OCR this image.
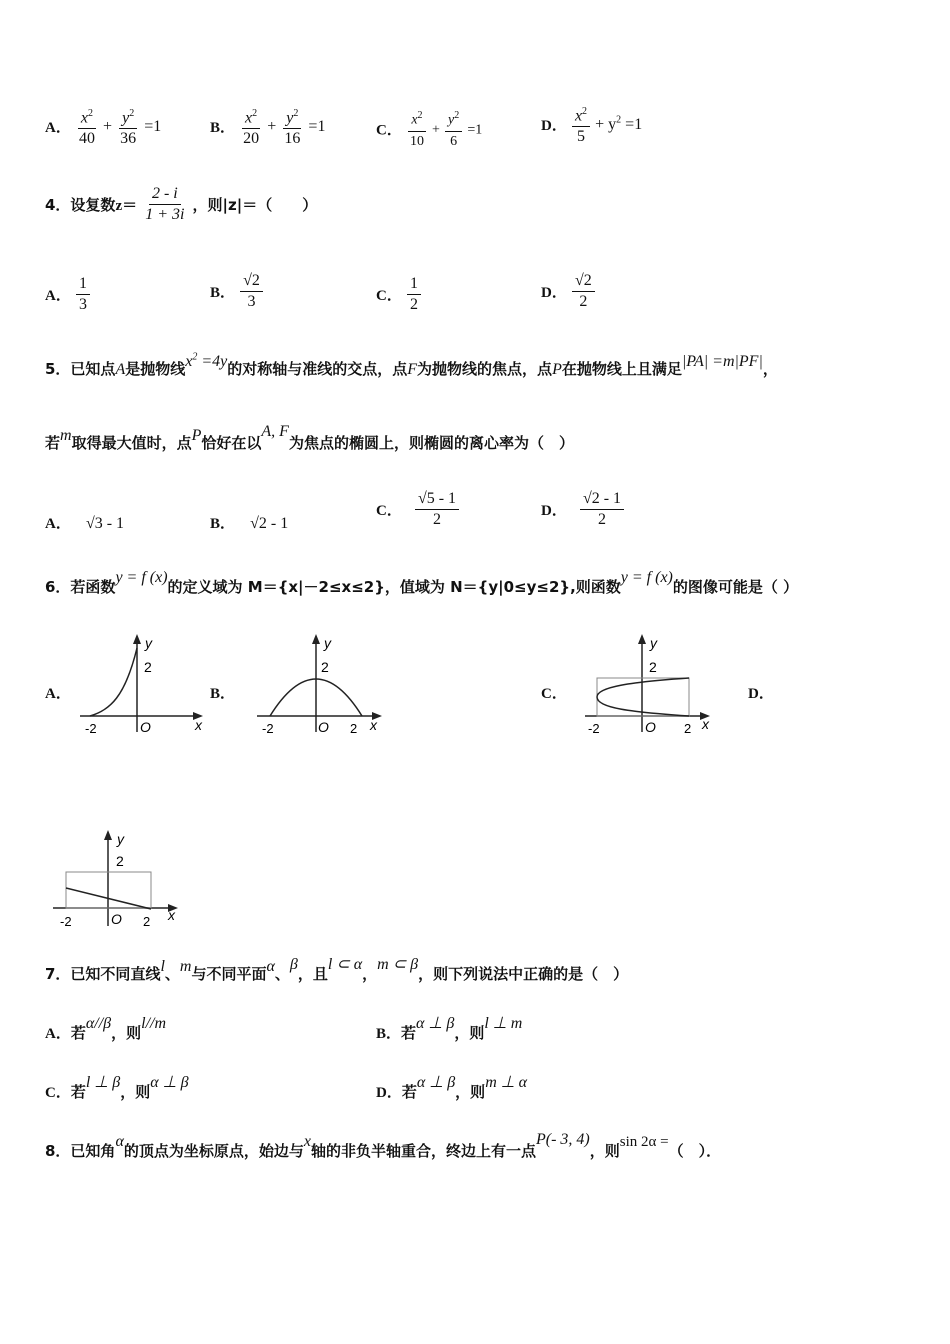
A． $\frac{x^2}{40} + \frac{y^2}{36} =1$	B． $\frac{x^2}{20} + \frac{y^2}{16} =1$	C． $\frac{x^2}{10} + \frac{y^2}{6} =1$	D． $\frac{x^2}{5} + y^2 =1$
4．设复数$z= \frac{2 - i}{1 + 3i}$ ，则|z|＝（　　）
A． $\frac{1}{3}$	B． $\frac{√2}{3}$	C． $\frac{1}{2}$	D． $\frac{√2}{2}$
5．已知点A是抛物线$x^2 =4y$的对称轴与准线的交点，点F为抛物线的焦点，点P在抛物线上且满足|PA| =m|PF|，
若m取得最大值时，点P恰好在以A, F为焦点的椭圆上，则椭圆的离心率为（　）
A． √3 - 1	B． √2 - 1
C． $\frac{√5 - 1}{2}$	D． $\frac{√2 - 1}{2}$
6．若函数y = f (x)的定义域为 M＝{x|－2≤x≤2}，值域为 N＝{y|0≤y≤2},则函数y = f (x)的图像可能是（ ）
A．	B．	C．	D．
y
2
-2	O	x
y
2
-2	O 2 x
y
2
-2	O 2 x
y
2
-2	O 2 x
7．已知不同直线l、m与不同平面α、β，且l ⊂ α，m ⊂ β，则下列说法中正确的是（　）
A．若α//β，则l//m
B．若α ⊥ β，则l ⊥ m
C．若l ⊥ β，则α ⊥ β
D．若α ⊥ β，则m ⊥ α
8．已知角α的顶点为坐标原点，始边与x轴的非负半轴重合，终边上有一点P(- 3, 4)，则sin 2α =（　）．
